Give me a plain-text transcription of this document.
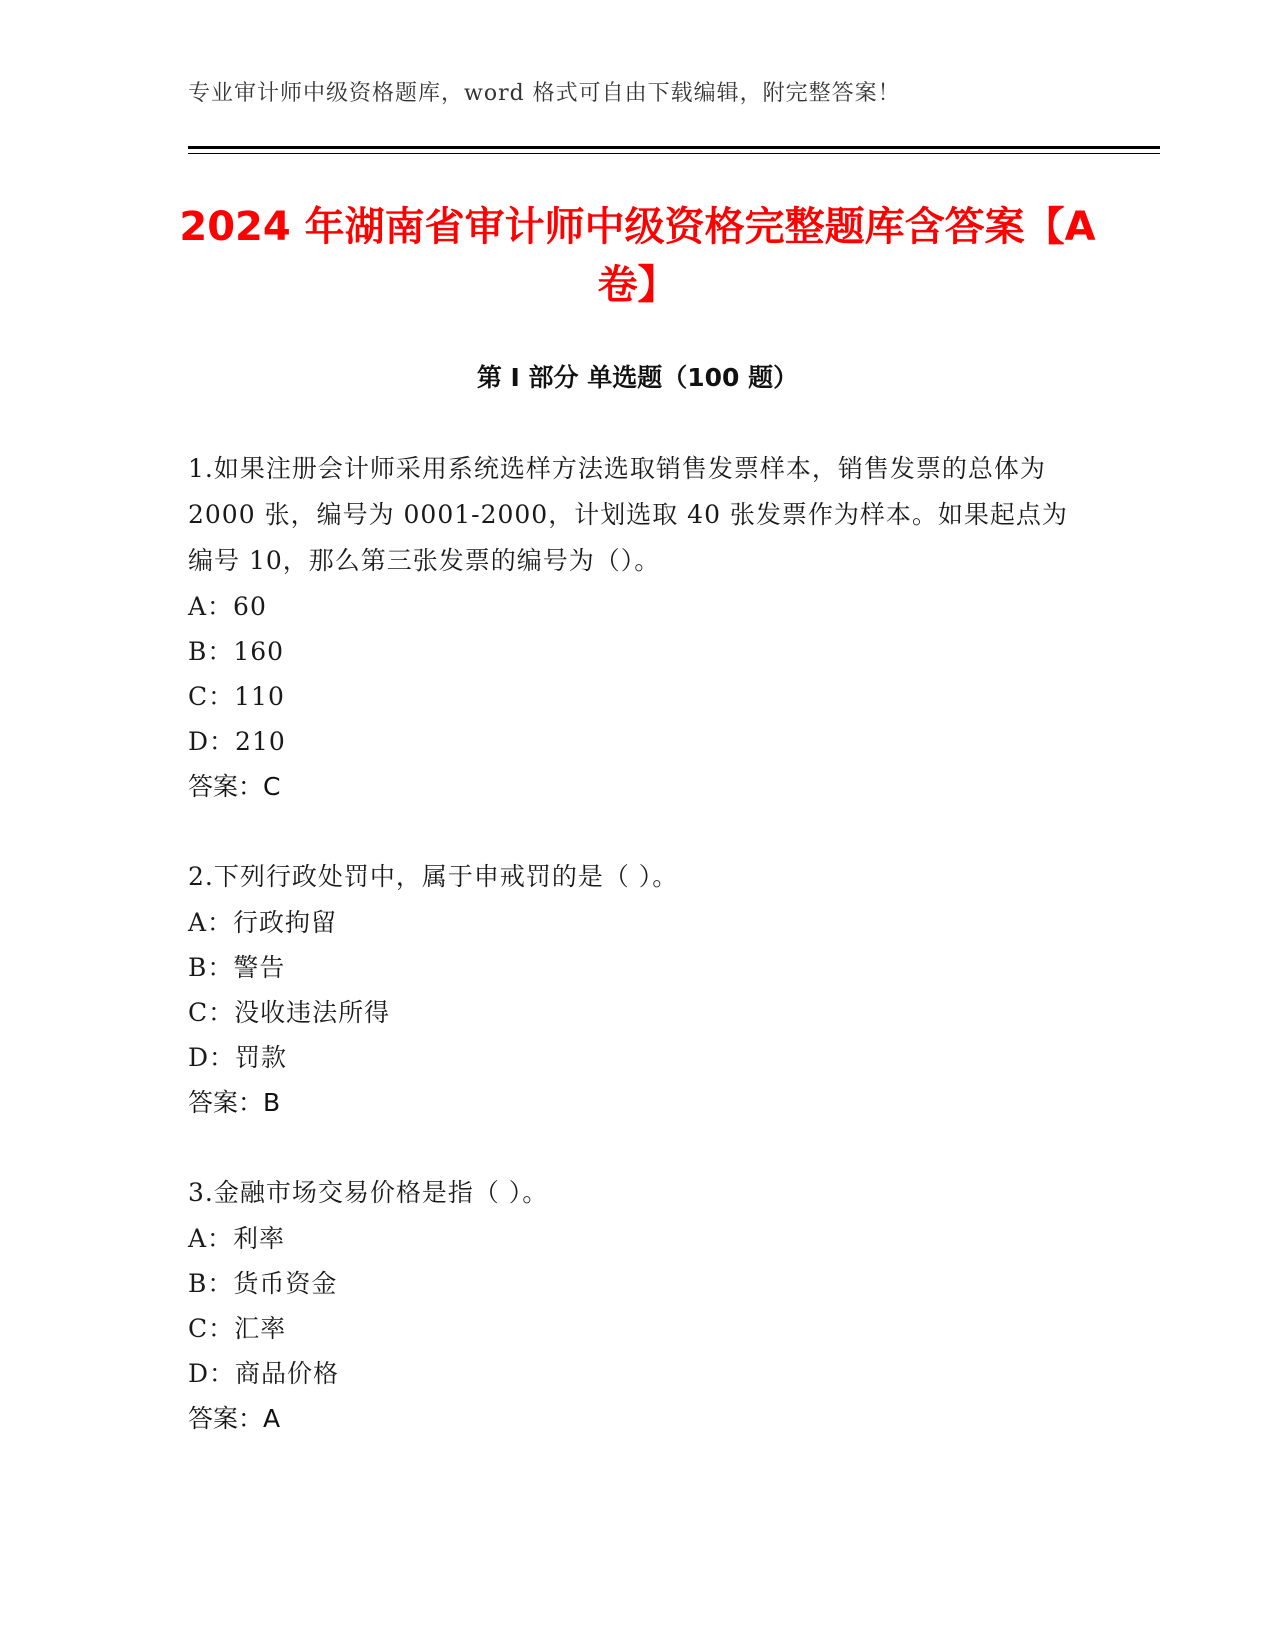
专业审计师中级资格题库，word 格式可自由下载编辑，附完整答案！
2024 年湖南省审计师中级资格完整题库含答案【A 卷】
第 I 部分 单选题（100 题）

1.如果注册会计师采用系统选样方法选取销售发票样本，销售发票的总体为 2000 张，编号为 0001-2000，计划选取 40 张发票作为样本。如果起点为编号 10，那么第三张发票的编号为（）。

A：60
B：160
C：110
D：210
答案：C

2.下列行政处罚中，属于申戒罚的是（ ）。

A：行政拘留
B：警告
C：没收违法所得
D：罚款
答案：B

3.金融市场交易价格是指（ ）。

A：利率
B：货币资金
C：汇率
D：商品价格
答案：A
